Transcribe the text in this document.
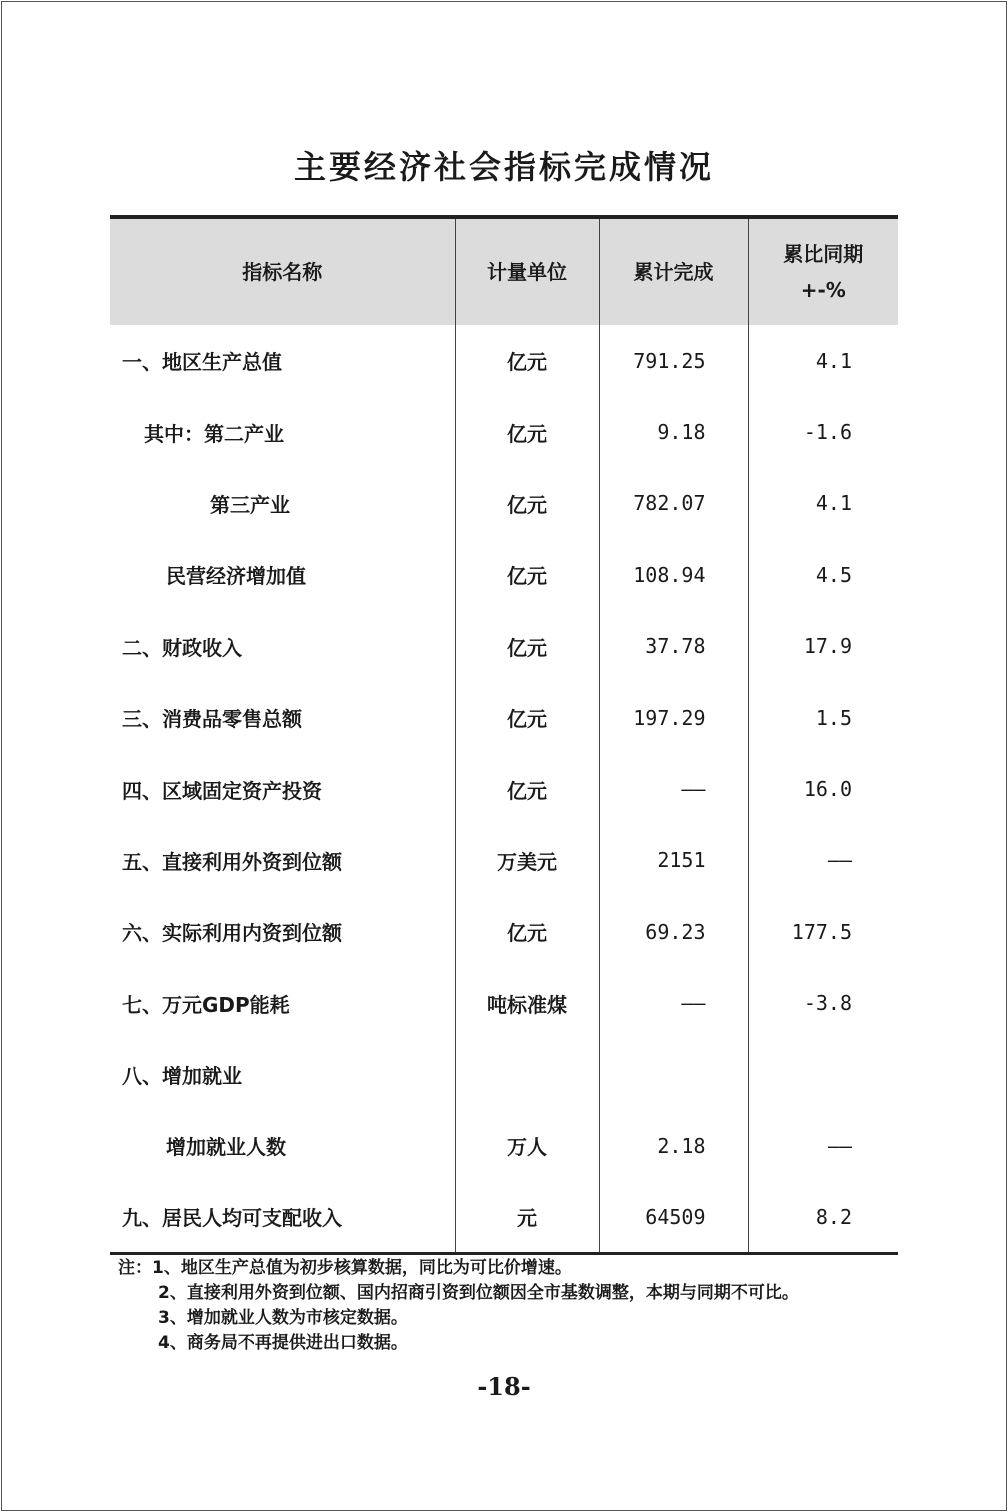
主要经济社会指标完成情况
指标名称	计量单位	累计完成	累比同期
+-%

一、地区生产总值	亿元	791.25	4.1
其中：第二产业	亿元	9.18	-1.6
第三产业	亿元	782.07	4.1
民营经济增加值	亿元	108.94	4.5
二、财政收入	亿元	37.78	17.9
三、消费品零售总额	亿元	197.29	1.5
四、区域固定资产投资	亿元	——	16.0
五、直接利用外资到位额	万美元	2151	——
六、实际利用内资到位额	亿元	69.23	177.5
七、万元GDP能耗	吨标准煤	——	-3.8
八、增加就业			
增加就业人数	万人	2.18	——
九、居民人均可支配收入	元	64509	8.2
注：1、地区生产总值为初步核算数据，同比为可比价增速。
2、直接利用外资到位额、国内招商引资到位额因全市基数调整，本期与同期不可比。
3、增加就业人数为市核定数据。
4、商务局不再提供进出口数据。
-18-
